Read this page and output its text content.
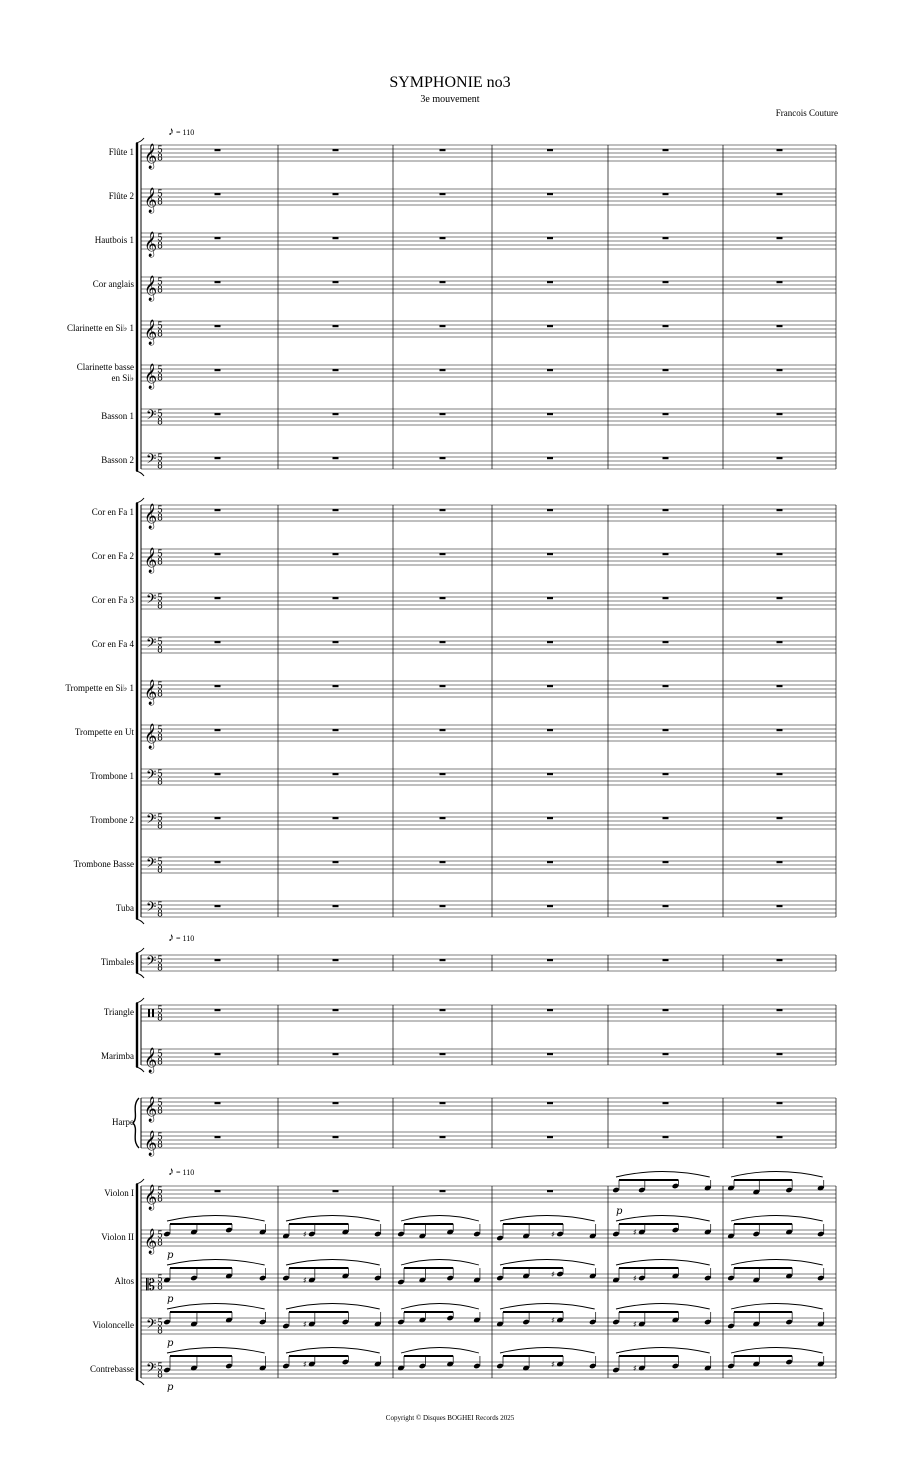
SYMPHONIE no3
3e mouvement
Francois Couture
♪ = 110
♪ = 110
♪ = 110
Flûte 1
Flûte 2
Hautbois 1
Cor anglais
Clarinette en Si♭ 1
Clarinette basse
en Si♭
Basson 1
Basson 2
Cor en Fa 1
Cor en Fa 2
Cor en Fa 3
Cor en Fa 4
Trompette en Si♭ 1
Trompette en Ut
Trombone 1
Trombone 2
Trombone Basse
Tuba
Timbales
Triangle
Marimba
Harpe
Violon I
Violon II
Altos
Violoncelle
Contrebasse
𝄞 5
8
𝄞 5
8
𝄞 5
8
𝄞 5
8
𝄞 5
8
𝄞 5
8
𝄢 5
8
𝄢 5
8
𝄞 5
8
𝄞 5
8
𝄢 5
8
𝄢 5
8
𝄞 5
8
𝄞 5
8
𝄢 5
8
𝄢 5
8
𝄢 5
8
𝄢 5
8
𝄢 5
8
5
8
𝄞 5
8
𝄞 5
8
𝄞 5
8
𝄞 5
8
𝄞 5
8
𝄡 5
8
𝄢 5
8
𝄢 5
8
♯	♯	♯
♯
♯	♯
♯	♯	♯
♯	♯	♯
p
p
p
p
p
Copyright © Disques BOGHEI Records 2025
